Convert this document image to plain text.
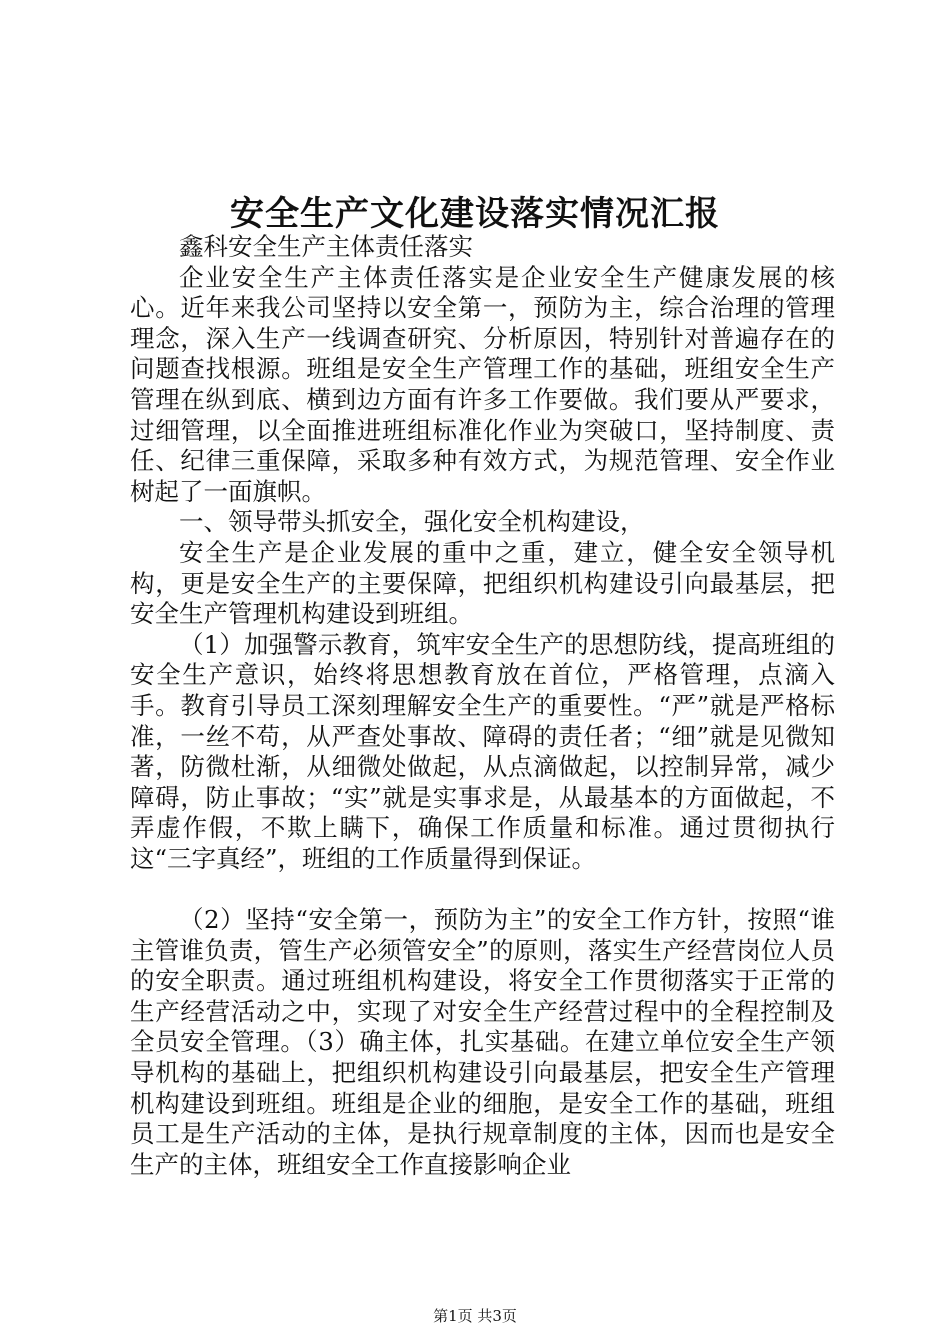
安全生产文化建设落实情况汇报

鑫科安全生产主体责任落实

企业安全生产主体责任落实是企业安全生产健康发展的核心。近年来我公司坚持以安全第一，预防为主，综合治理的管理理念，深入生产一线调查研究、分析原因，特别针对普遍存在的问题查找根源。班组是安全生产管理工作的基础，班组安全生产管理在纵到底、横到边方面有许多工作要做。我们要从严要求，过细管理，以全面推进班组标准化作业为突破口，坚持制度、责任、纪律三重保障，采取多种有效方式，为规范管理、安全作业树起了一面旗帜。

一、领导带头抓安全，强化安全机构建设，

安全生产是企业发展的重中之重，建立，健全安全领导机构，更是安全生产的主要保障，把组织机构建设引向最基层，把安全生产管理机构建设到班组。

（1）加强警示教育，筑牢安全生产的思想防线，提高班组的安全生产意识，始终将思想教育放在首位，严格管理，点滴入手。教育引导员工深刻理解安全生产的重要性。“严”就是严格标准，一丝不苟，从严查处事故、障碍的责任者；“细”就是见微知著，防微杜渐，从细微处做起，从点滴做起，以控制异常，减少障碍，防止事故；“实”就是实事求是，从最基本的方面做起，不弄虚作假，不欺上瞒下，确保工作质量和标准。通过贯彻执行这“三字真经”，班组的工作质量得到保证。

（2）坚持“安全第一，预防为主”的安全工作方针，按照“谁主管谁负责，管生产必须管安全”的原则，落实生产经营岗位人员的安全职责。通过班组机构建设，将安全工作贯彻落实于正常的生产经营活动之中，实现了对安全生产经营过程中的全程控制及全员安全管理。（3）确主体，扎实基础。在建立单位安全生产领导机构的基础上，把组织机构建设引向最基层，把安全生产管理机构建设到班组。班组是企业的细胞，是安全工作的基础，班组员工是生产活动的主体，是执行规章制度的主体，因而也是安全生产的主体，班组安全工作直接影响企业

第1页 共3页
